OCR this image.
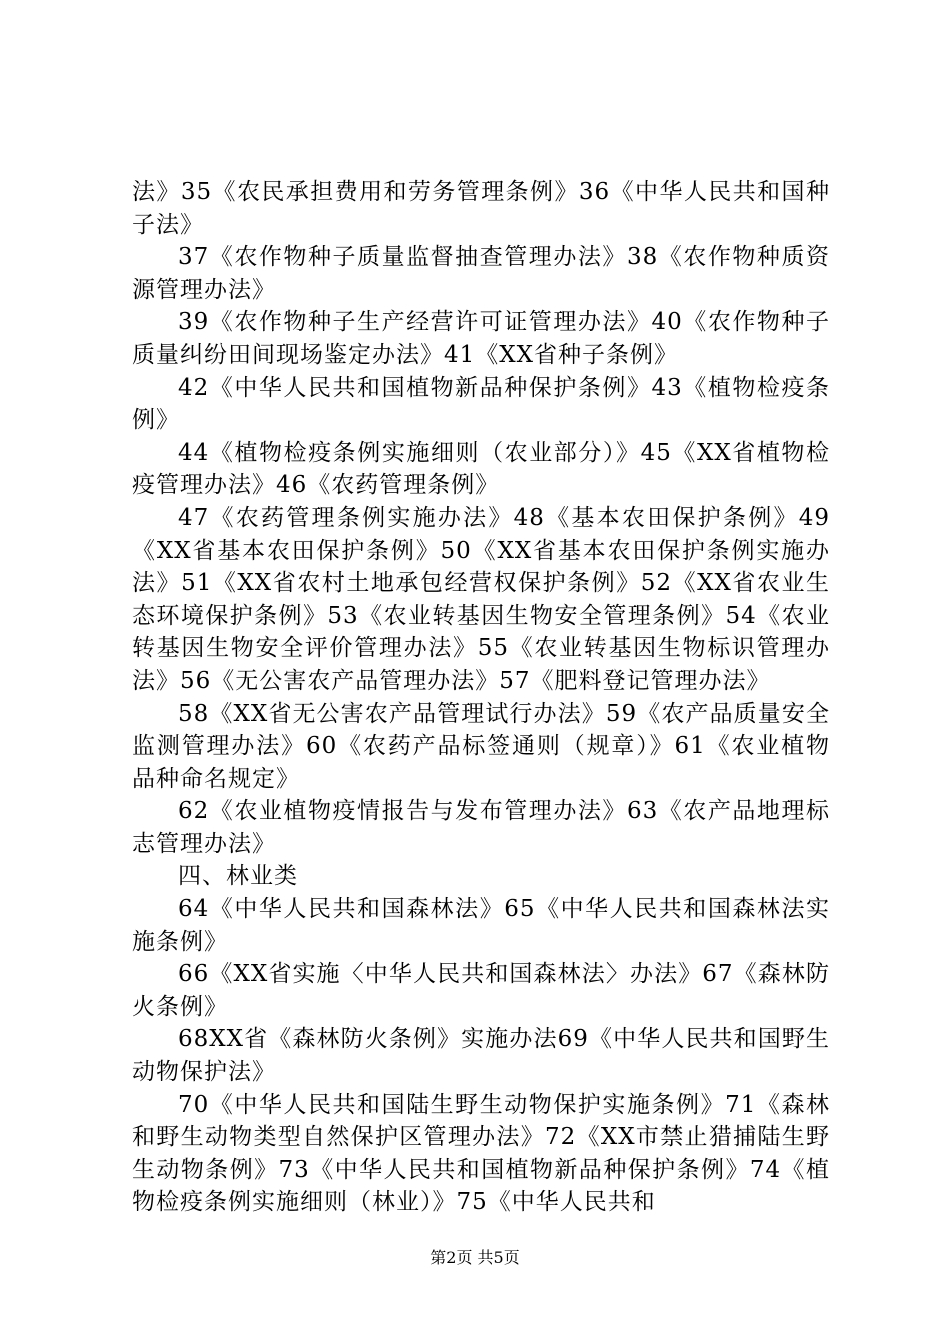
法》35《农民承担费用和劳务管理条例》36《中华人民共和国种子法》

37《农作物种子质量监督抽查管理办法》38《农作物种质资源管理办法》

39《农作物种子生产经营许可证管理办法》40《农作物种子质量纠纷田间现场鉴定办法》41《XX省种子条例》

42《中华人民共和国植物新品种保护条例》43《植物检疫条例》

44《植物检疫条例实施细则（农业部分）》45《XX省植物检疫管理办法》46《农药管理条例》

47《农药管理条例实施办法》48《基本农田保护条例》49《XX省基本农田保护条例》50《XX省基本农田保护条例实施办法》51《XX省农村土地承包经营权保护条例》52《XX省农业生态环境保护条例》53《农业转基因生物安全管理条例》54《农业转基因生物安全评价管理办法》55《农业转基因生物标识管理办法》56《无公害农产品管理办法》57《肥料登记管理办法》

58《XX省无公害农产品管理试行办法》59《农产品质量安全监测管理办法》60《农药产品标签通则（规章）》61《农业植物品种命名规定》

62《农业植物疫情报告与发布管理办法》63《农产品地理标志管理办法》

四、林业类

64《中华人民共和国森林法》65《中华人民共和国森林法实施条例》

66《XX省实施〈中华人民共和国森林法〉办法》67《森林防火条例》

68XX省《森林防火条例》实施办法69《中华人民共和国野生动物保护法》

70《中华人民共和国陆生野生动物保护实施条例》71《森林和野生动物类型自然保护区管理办法》72《XX市禁止猎捕陆生野生动物条例》73《中华人民共和国植物新品种保护条例》74《植物检疫条例实施细则（林业）》75《中华人民共和

第2页 共5页
